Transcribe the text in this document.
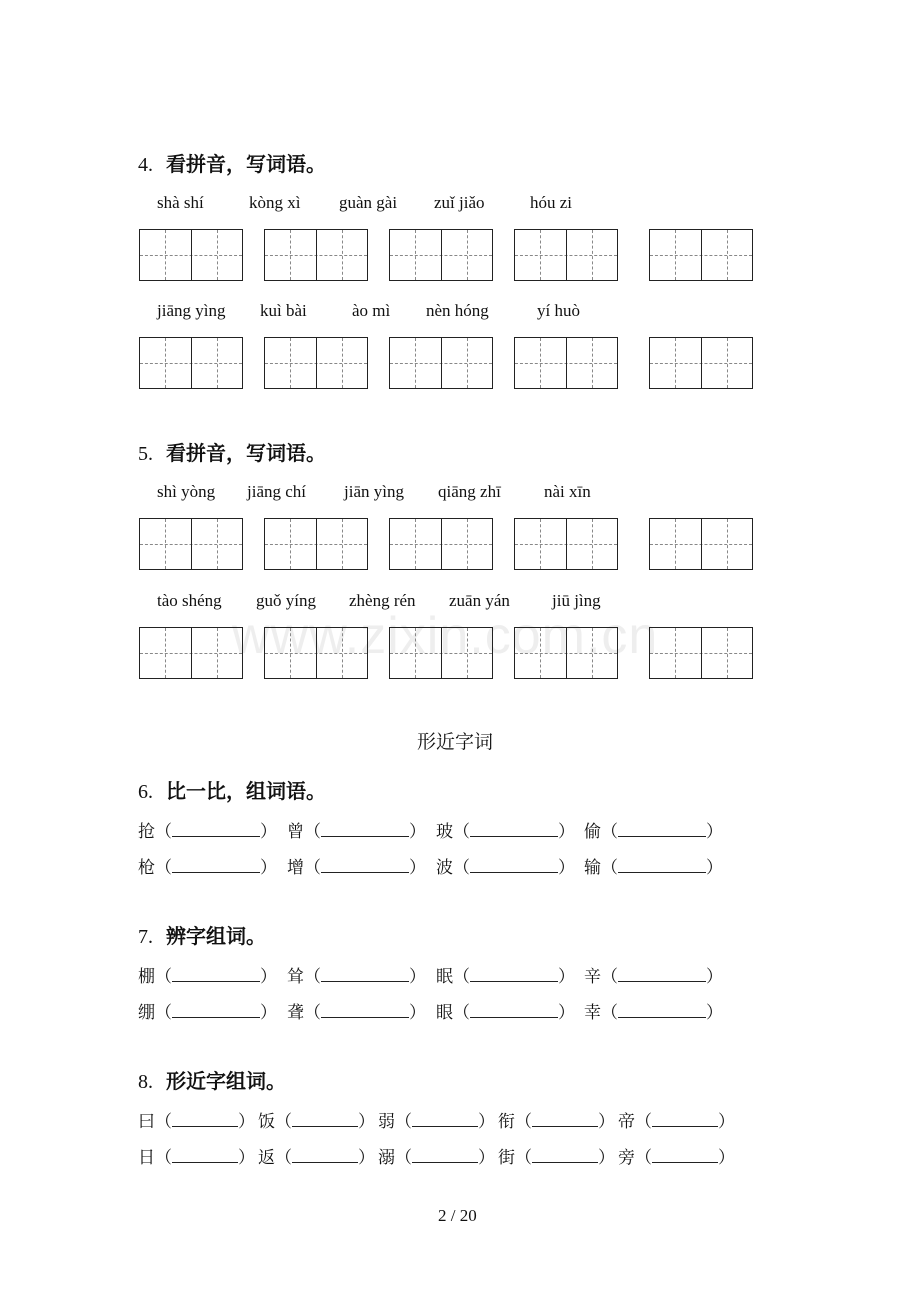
www.zixin.com.cn
4. 看拼音，写词语。
shà shí	kòng xì guàn gài zuǐ jiǎo	hóu zi
jiāng yìng kuì bài	ào mì nèn hóng	yí huò
5. 看拼音，写词语。
shì yòng jiāng chí jiān yìng qiāng zhī	nài xīn
tào shéng guǒ yíng zhèng rén zuān yán jiū jìng
形近字词
6. 比一比，组词语。
抢（	） 曾（	） 玻（	） 偷（	）
枪（	） 增（	） 波（	） 输（	）
7. 辨字组词。
棚（	） 耸（	） 眠（	） 辛（	）
绷（	） 聋（	） 眼（	） 幸（	）
8. 形近字组词。
曰（	） 饭（	） 弱（	） 衔（	） 帝（	）
日（	） 返（	） 溺（	） 街（	） 旁（	）
2 / 20
